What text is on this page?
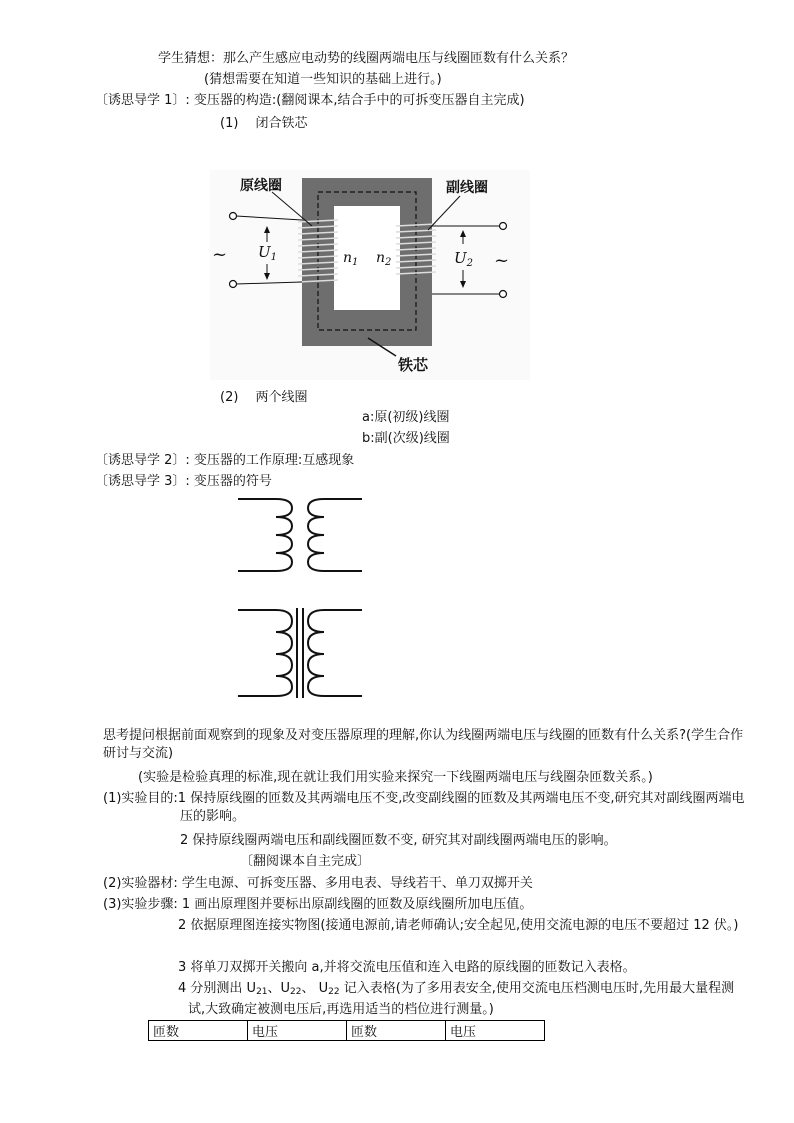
学生猜想：那么产生感应电动势的线圈两端电压与线圈匝数有什么关系？
(猜想需要在知道一些知识的基础上进行。)
〔诱思导学 1〕: 变压器的构造:(翻阅课本,结合手中的可拆变压器自主完成)
(1)　 闭合铁芯
原线圈	副线圈
铁芯
~	~
$U_1$	$U_2$
$n_1$ $n_2$
(2)　 两个线圈
a:原(初级)线圈
b:副(次级)线圈
〔诱思导学 2〕: 变压器的工作原理:互感现象
〔诱思导学 3〕: 变压器的符号
思考提问根据前面观察到的现象及对变压器原理的理解,你认为线圈两端电压与线圈的匝数有什么关系?(学生合作研讨与交流)
(实验是检验真理的标准,现在就让我们用实验来探究一下线圈两端电压与线圈杂匝数关系。)
(1)实验目的:1 保持原线圈的匝数及其两端电压不变,改变副线圈的匝数及其两端电压不变,研究其对副线圈两端电压的影响。
2 保持原线圈两端电压和副线圈匝数不变, 研究其对副线圈两端电压的影响。
〔翻阅课本自主完成〕
(2)实验器材: 学生电源、可拆变压器、多用电表、导线若干、单刀双掷开关
(3)实验步骤: 1 画出原理图并要标出原副线圈的匝数及原线圈所加电压值。
2 依据原理图连接实物图(接通电源前,请老师确认;安全起见,使用交流电源的电压不要超过 12 伏。)
3 将单刀双掷开关搬向 a,并将交流电压值和连入电路的原线圈的匝数记入表格。
4 分别测出 $U_{21}$、$U_{22}$、 $U_{22}$ 记入表格(为了多用表安全,使用交流电压档测电压时,先用最大量程测试,大致确定被测电压后,再选用适当的档位进行测量。)
匝数	电压	匝数	电压
